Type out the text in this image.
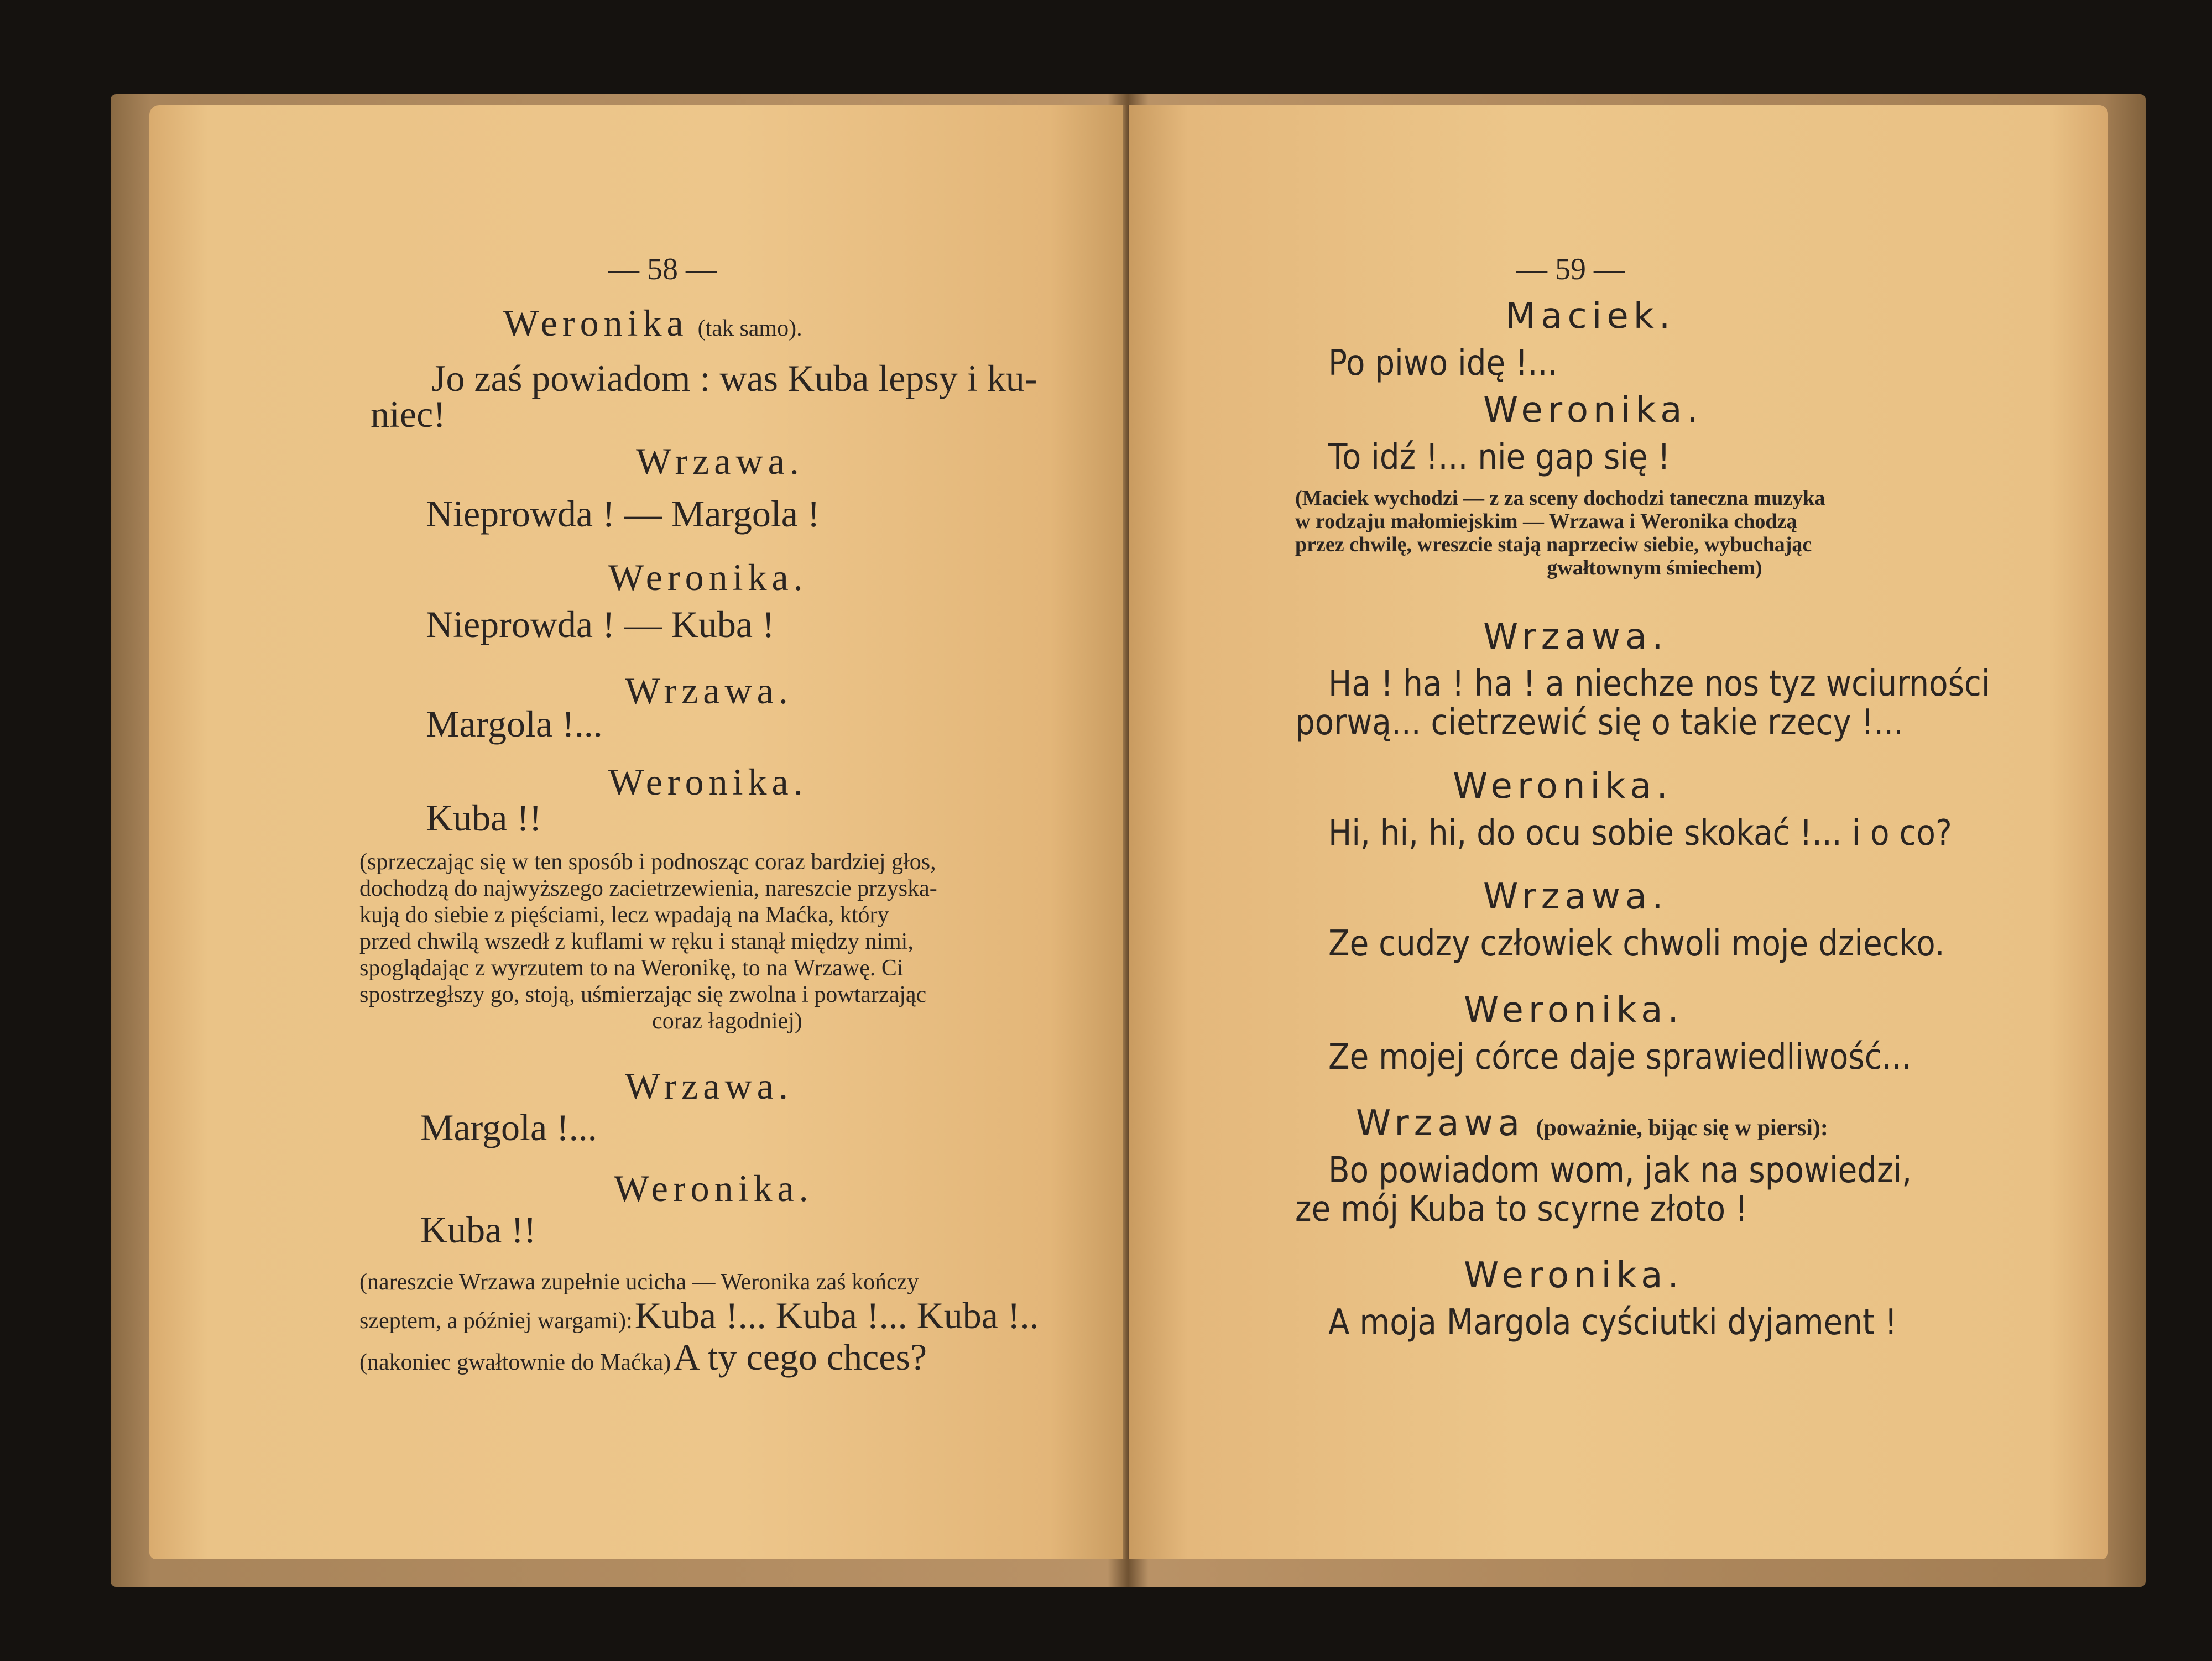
— 58 —
Weronika (tak samo).
Jo zaś powiadom : was Kuba lepsy i ku-
niec!
Wrzawa.
Nieprowda ! — Margola !
Weronika.
Nieprowda ! — Kuba !
Wrzawa.
Margola !...
Weronika.
Kuba !!
(sprzeczając się w ten sposób i podnosząc coraz bardziej głos,
dochodzą do najwyższego zacietrzewienia, nareszcie przyska-
kują do siebie z pięściami, lecz wpadają na Maćka, który
przed chwilą wszedł z kuflami w ręku i stanął między nimi,
spoglądając z wyrzutem to na Weronikę, to na Wrzawę. Ci
spostrzegłszy go, stoją, uśmierzając się zwolna i powtarzając
coraz łagodniej)
Wrzawa.
Margola !...
Weronika.
Kuba !!
(nareszcie Wrzawa zupełnie ucicha — Weronika zaś kończy
szeptem, a później wargami): Kuba !... Kuba !... Kuba !..
(nakoniec gwałtownie do Maćka) A ty cego chces?
— 59 —
Maciek.
Po piwo idę !...
Weronika.
To idź !... nie gap się !
(Maciek wychodzi — z za sceny dochodzi taneczna muzyka
w rodzaju małomiejskim — Wrzawa i Weronika chodzą
przez chwilę, wreszcie stają naprzeciw siebie, wybuchając
gwałtownym śmiechem)
Wrzawa.
Ha ! ha ! ha ! a niechze nos tyz wciurności
porwą... cietrzewić się o takie rzecy !...
Weronika.
Hi, hi, hi, do ocu sobie skokać !... i o co?
Wrzawa.
Ze cudzy człowiek chwoli moje dziecko.
Weronika.
Ze mojej córce daje sprawiedliwość...
Wrzawa (poważnie, bijąc się w piersi):
Bo powiadom wom, jak na spowiedzi,
ze mój Kuba to scyrne złoto !
Weronika.
A moja Margola cyściutki dyjament !
